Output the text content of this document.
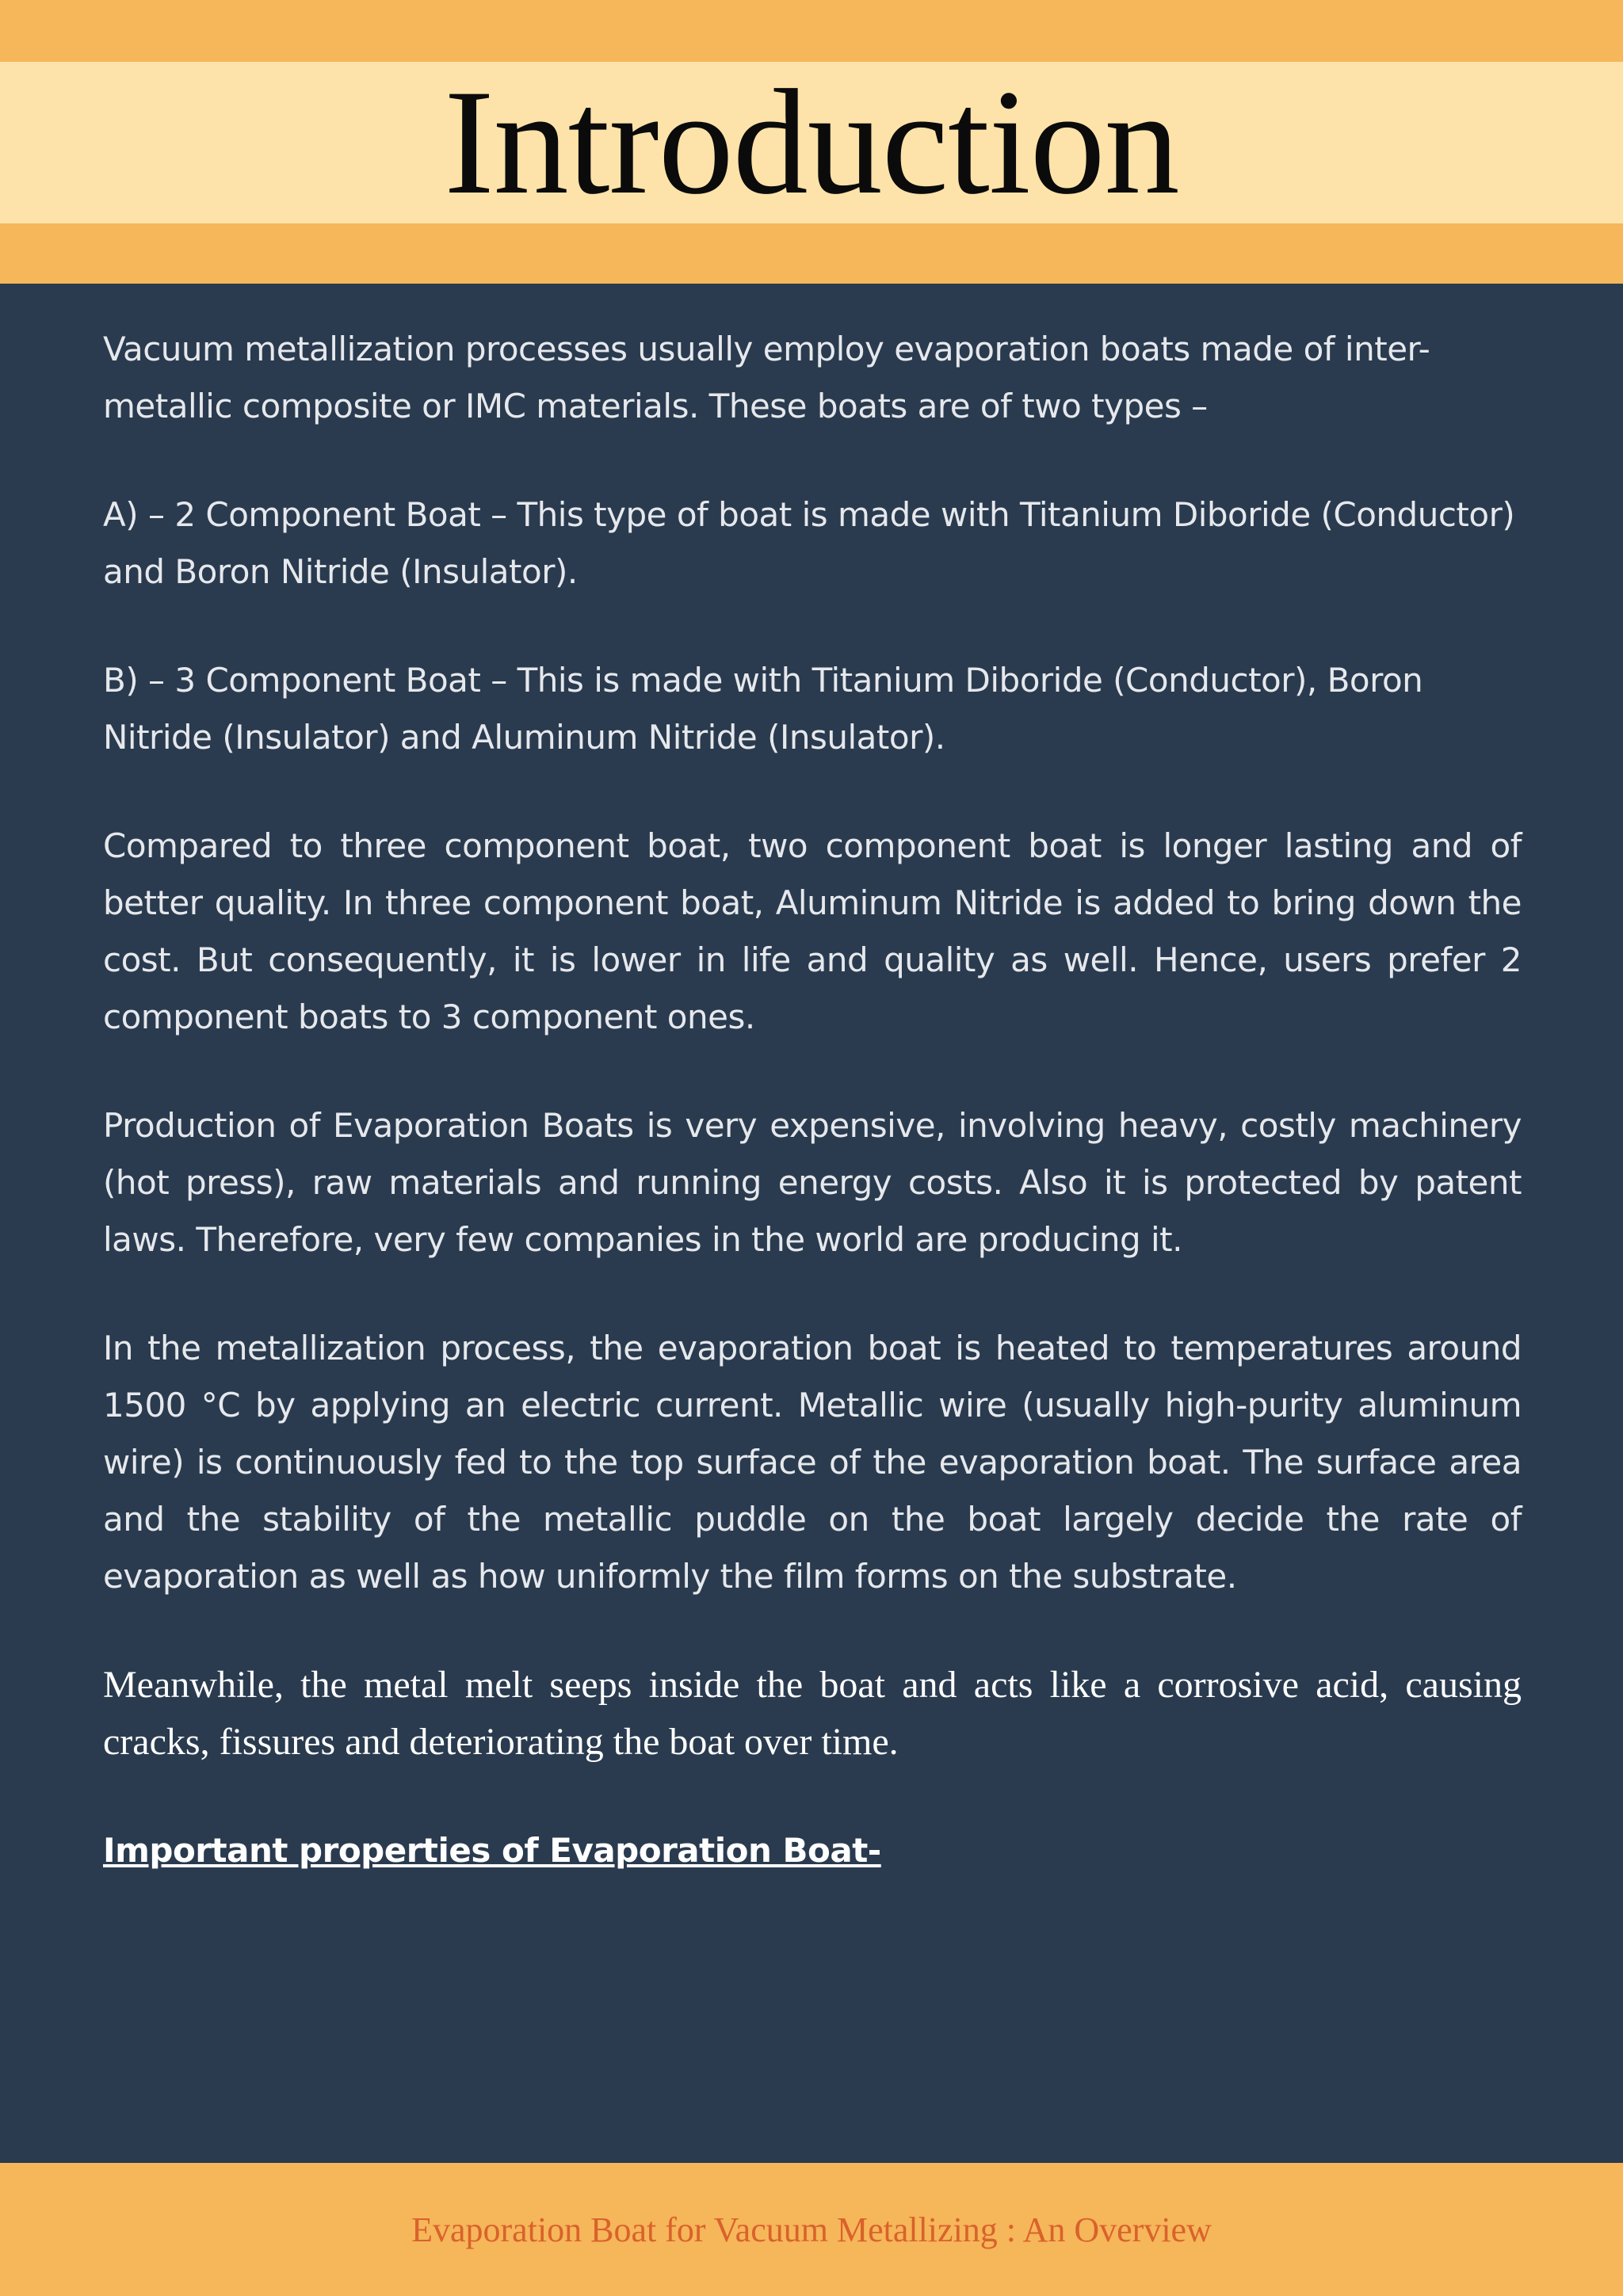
Introduction

Vacuum metallization processes usually employ evaporation boats made of inter-metallic composite or IMC materials. These boats are of two types –

A) – 2 Component Boat – This type of boat is made with Titanium Diboride (Conductor) and Boron Nitride (Insulator).

B) – 3 Component Boat – This is made with Titanium Diboride (Conductor), Boron Nitride (Insulator) and Aluminum Nitride (Insulator).

Compared to three component boat, two component boat is longer lasting and of better quality. In three component boat, Aluminum Nitride is added to bring down the cost. But consequently, it is lower in life and quality as well. Hence, users prefer 2 component boats to 3 component ones.

Production of Evaporation Boats is very expensive, involving heavy, costly machinery (hot press), raw materials and running energy costs. Also it is protected by patent laws. Therefore, very few companies in the world are producing it.

In the metallization process, the evaporation boat is heated to temperatures around 1500 °C by applying an electric current. Metallic wire (usually high-purity aluminum wire) is continuously fed to the top surface of the evaporation boat. The surface area and the stability of the metallic puddle on the boat largely decide the rate of evaporation as well as how uniformly the film forms on the substrate.

Meanwhile, the metal melt seeps inside the boat and acts like a corrosive acid, causing cracks, fissures and deteriorating the boat over time.

Important properties of Evaporation Boat-

Evaporation Boat for Vacuum Metallizing : An Overview
